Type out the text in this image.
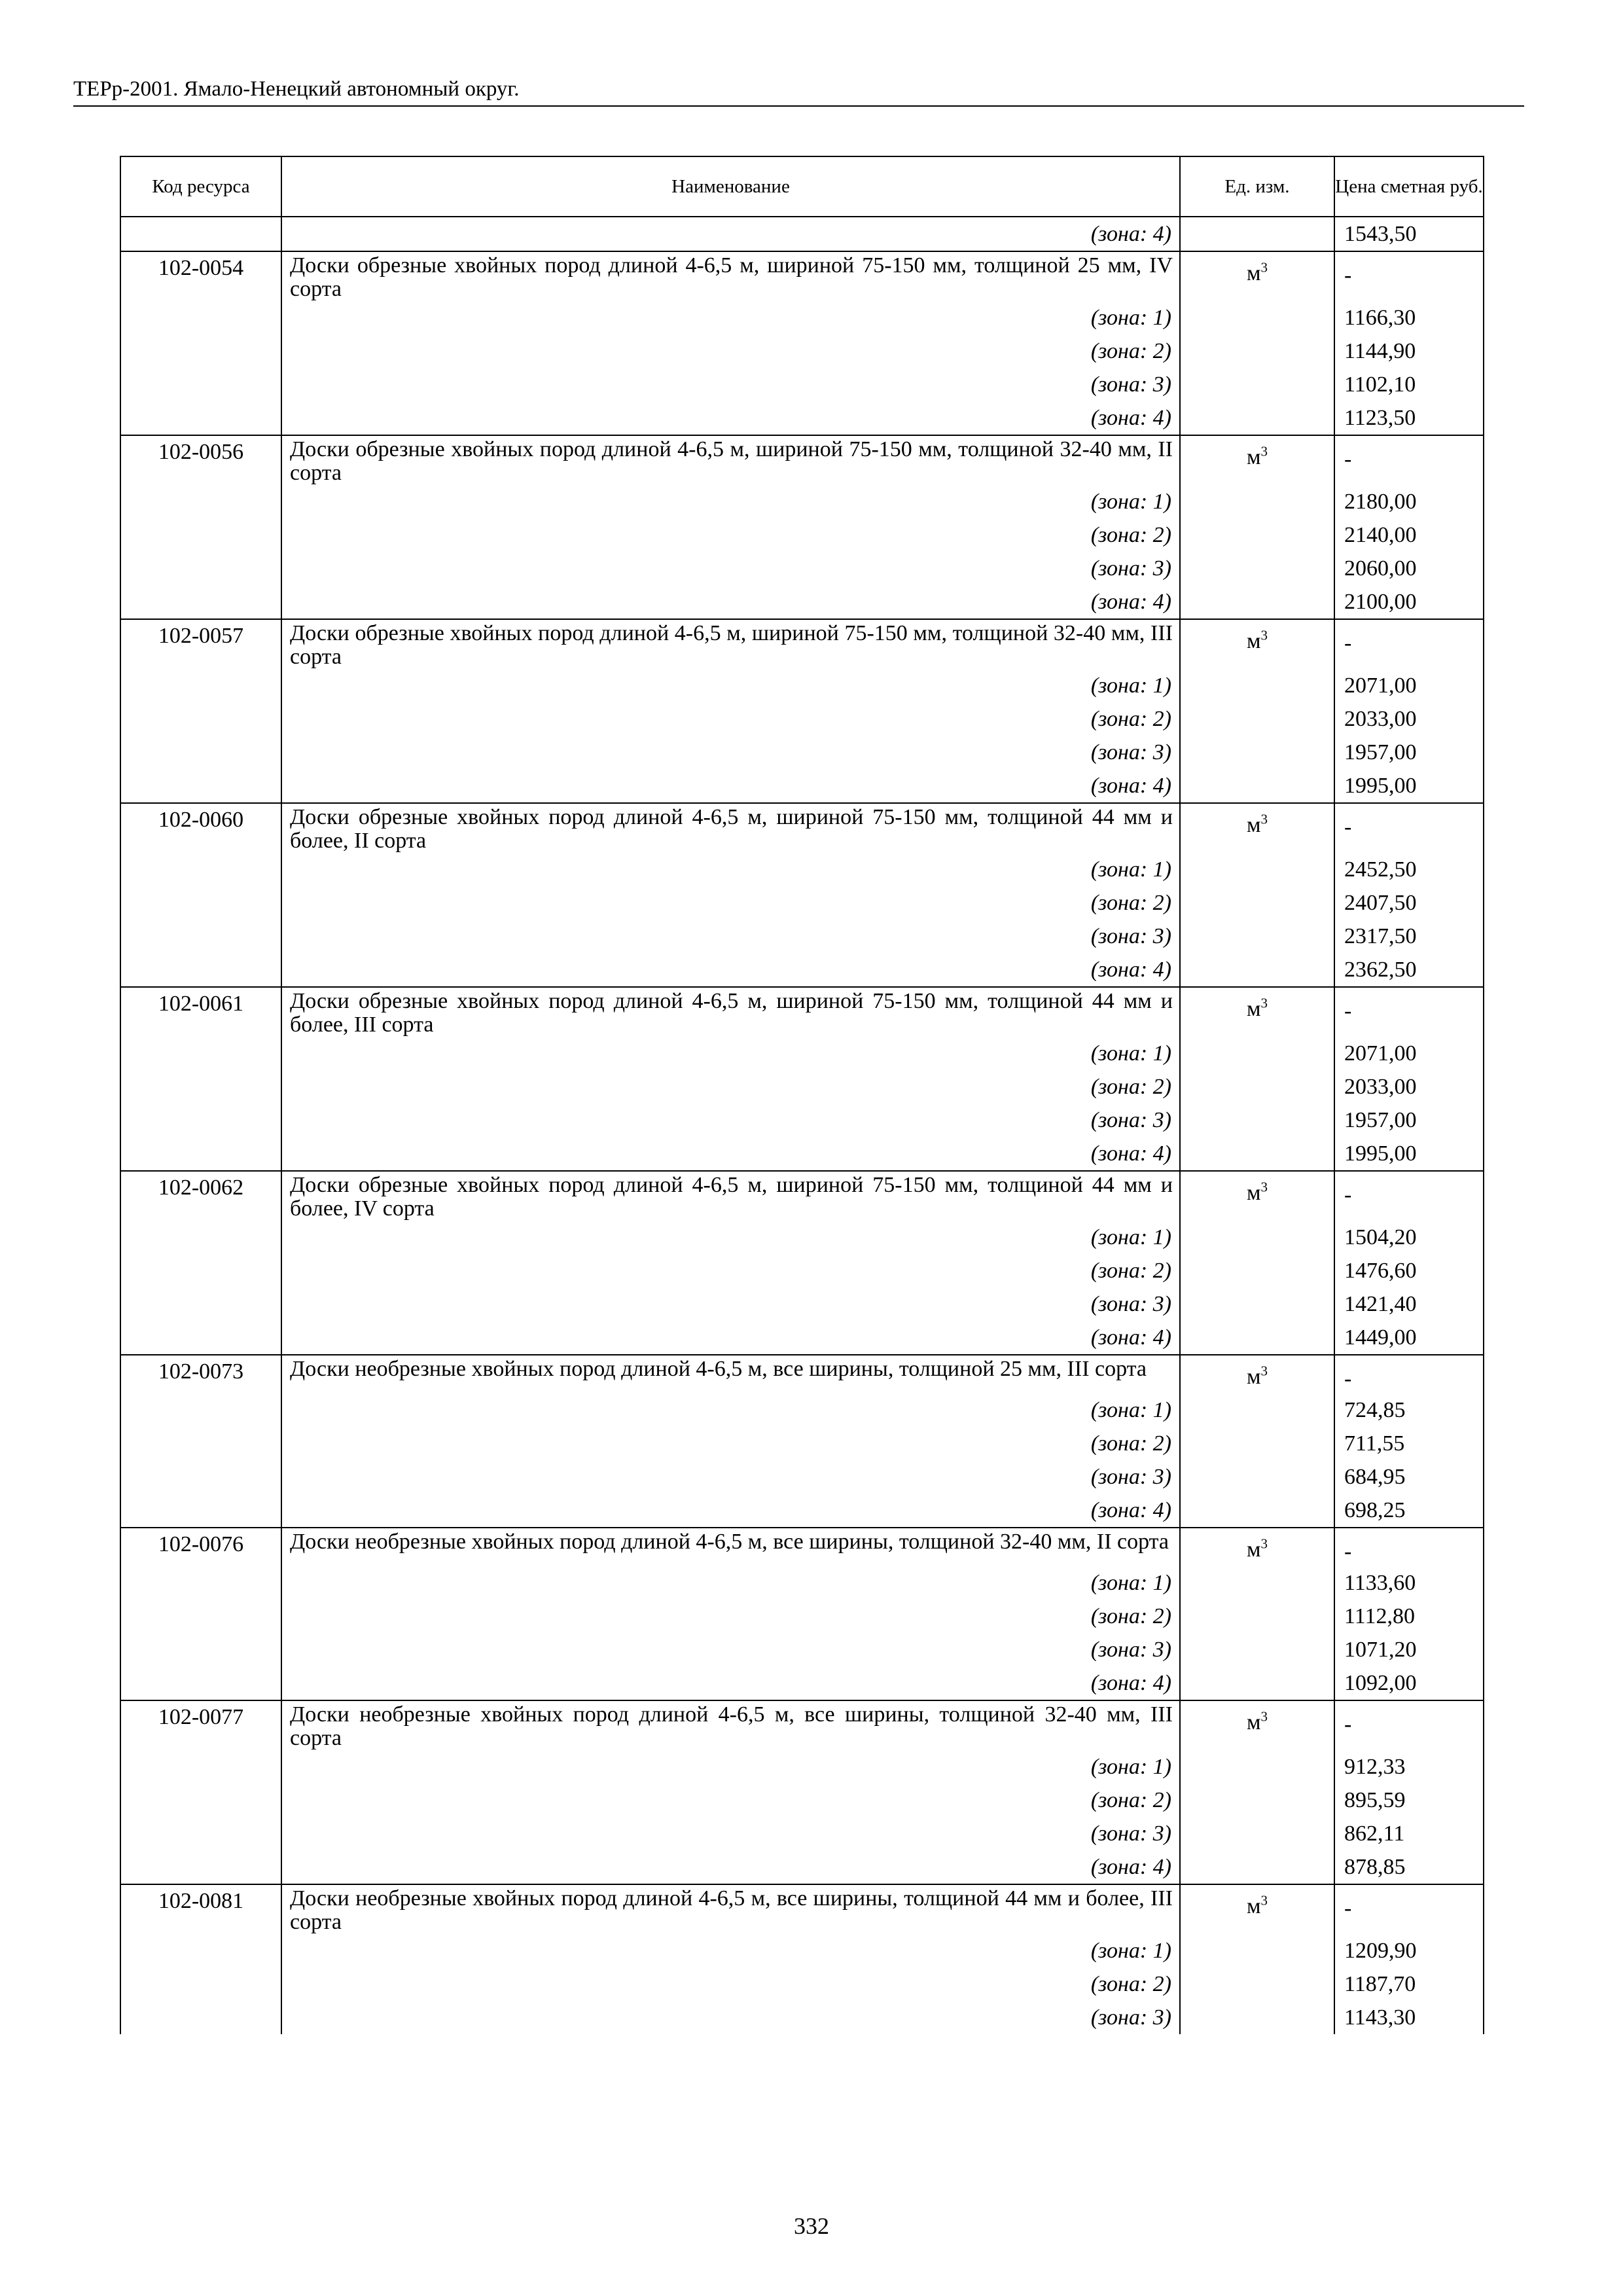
ТЕРр-2001. Ямало-Ненецкий автономный округ.
Код ресурса	Наименование	Ед. изм.	Цена сметная руб.
	(зона: 4)		1543,50
102-0054	Доски обрезные хвойных пород длиной 4-6,5 м, шириной 75-150 мм, толщиной 25 мм, IV сорта	$м^3$	-
	(зона: 1)		1166,30
	(зона: 2)		1144,90
	(зона: 3)		1102,10
	(зона: 4)		1123,50
102-0056	Доски обрезные хвойных пород длиной 4-6,5 м, шириной 75-150 мм, толщиной 32-40 мм, II сорта	$м^3$	-
	(зона: 1)		2180,00
	(зона: 2)		2140,00
	(зона: 3)		2060,00
	(зона: 4)		2100,00
102-0057	Доски обрезные хвойных пород длиной 4-6,5 м, шириной 75-150 мм, толщиной 32-40 мм, III сорта	$м^3$	-
	(зона: 1)		2071,00
	(зона: 2)		2033,00
	(зона: 3)		1957,00
	(зона: 4)		1995,00
102-0060	Доски обрезные хвойных пород длиной 4-6,5 м, шириной 75-150 мм, толщиной 44 мм и более, II сорта	$м^3$	-
	(зона: 1)		2452,50
	(зона: 2)		2407,50
	(зона: 3)		2317,50
	(зона: 4)		2362,50
102-0061	Доски обрезные хвойных пород длиной 4-6,5 м, шириной 75-150 мм, толщиной 44 мм и более, III сорта	$м^3$	-
	(зона: 1)		2071,00
	(зона: 2)		2033,00
	(зона: 3)		1957,00
	(зона: 4)		1995,00
102-0062	Доски обрезные хвойных пород длиной 4-6,5 м, шириной 75-150 мм, толщиной 44 мм и более, IV сорта	$м^3$	-
	(зона: 1)		1504,20
	(зона: 2)		1476,60
	(зона: 3)		1421,40
	(зона: 4)		1449,00
102-0073	Доски необрезные хвойных пород длиной 4-6,5 м, все ширины, толщиной 25 мм, III сорта	$м^3$	-
	(зона: 1)		724,85
	(зона: 2)		711,55
	(зона: 3)		684,95
	(зона: 4)		698,25
102-0076	Доски необрезные хвойных пород длиной 4-6,5 м, все ширины, толщиной 32-40 мм, II сорта	$м^3$	-
	(зона: 1)		1133,60
	(зона: 2)		1112,80
	(зона: 3)		1071,20
	(зона: 4)		1092,00
102-0077	Доски необрезные хвойных пород длиной 4-6,5 м, все ширины, толщиной 32-40 мм, III сорта	$м^3$	-
	(зона: 1)		912,33
	(зона: 2)		895,59
	(зона: 3)		862,11
	(зона: 4)		878,85
102-0081	Доски необрезные хвойных пород длиной 4-6,5 м, все ширины, толщиной 44 мм и более, III сорта	$м^3$	-
	(зона: 1)		1209,90
	(зона: 2)		1187,70
	(зона: 3)		1143,30
332
